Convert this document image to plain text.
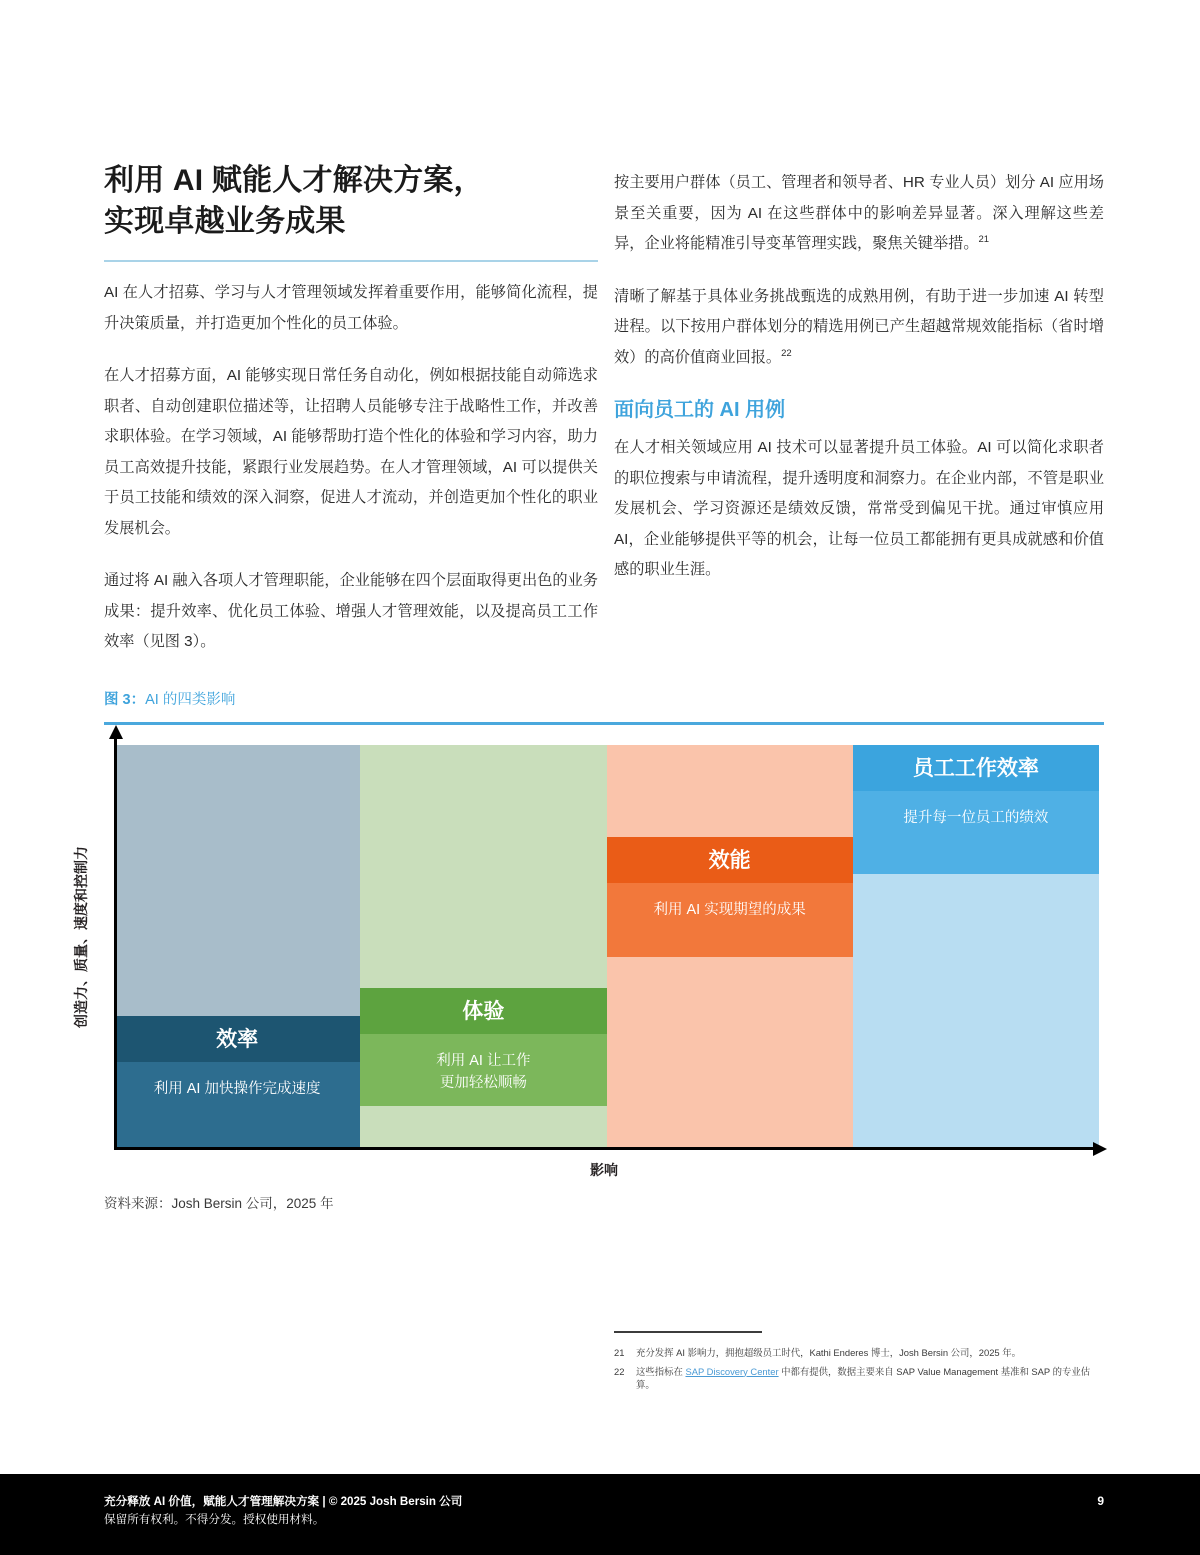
利用 AI 赋能人才解决方案，
实现卓越业务成果

AI 在人才招募、学习与人才管理领域发挥着重要作用，能够简化流程，提升决策质量，并打造更加个性化的员工体验。

在人才招募方面，AI 能够实现日常任务自动化，例如根据技能自动筛选求职者、自动创建职位描述等，让招聘人员能够专注于战略性工作，并改善求职体验。在学习领域，AI 能够帮助打造个性化的体验和学习内容，助力员工高效提升技能，紧跟行业发展趋势。在人才管理领域，AI 可以提供关于员工技能和绩效的深入洞察，促进人才流动，并创造更加个性化的职业发展机会。

通过将 AI 融入各项人才管理职能，企业能够在四个层面取得更出色的业务成果：提升效率、优化员工体验、增强人才管理效能，以及提高员工工作效率（见图 3）。

按主要用户群体（员工、管理者和领导者、HR 专业人员）划分 AI 应用场景至关重要，因为 AI 在这些群体中的影响差异显著。深入理解这些差异，企业将能精准引导变革管理实践，聚焦关键举措。$^{21}$

清晰了解基于具体业务挑战甄选的成熟用例，有助于进一步加速 AI 转型进程。以下按用户群体划分的精选用例已产生超越常规效能指标（省时增效）的高价值商业回报。$^{22}$

面向员工的 AI 用例

在人才相关领域应用 AI 技术可以显著提升员工体验。AI 可以简化求职者的职位搜索与申请流程，提升透明度和洞察力。在企业内部，不管是职业发展机会、学习资源还是绩效反馈，常常受到偏见干扰。通过审慎应用 AI，企业能够提供平等的机会，让每一位员工都能拥有更具成就感和价值感的职业生涯。

图 3：AI 的四类影响
创造力、质量、速度和控制力
效率
利用 AI 加快操作完成速度
体验
利用 AI 让工作
更加轻松顺畅
效能
利用 AI 实现期望的成果
员工工作效率
提升每一位员工的绩效
影响
资料来源：Josh Bersin 公司，2025 年
21	充分发挥 AI 影响力，拥抱超级员工时代，Kathi Enderes 博士，Josh Bersin 公司，2025 年。
22	这些指标在 SAP Discovery Center 中都有提供，数据主要来自 SAP Value Management 基准和 SAP 的专业估算。
充分释放 AI 价值，赋能人才管理解决方案 | © 2025 Josh Bersin 公司
保留所有权利。不得分发。授权使用材料。
9
